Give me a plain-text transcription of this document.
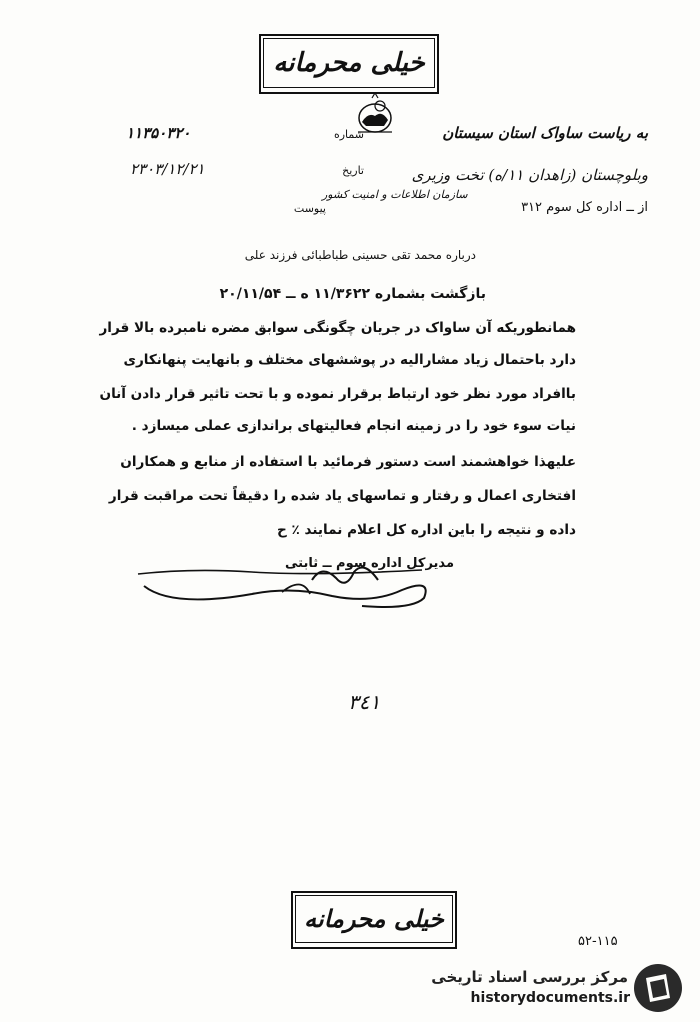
خیلی محرمانه
به ریاست ساواک استان سیستان
وبلوچستان (زاهدان ۱۱/ه) تخت وزیری
از ــ اداره کل سوم ۳۱۲
سازمان اطلاعات و امنیت کشور
شماره
۱۱۳۵۰۳۲۰
تاریخ
۲۳۰۳/۱۲/۲۱
پیوست
درباره محمد تقی حسینی طباطبائی فرزند علی
بازگشت بشماره ۱۱/۳۶۲۲ ه ــ ۲۰/۱۱/۵۴
همانطوریکه آن ساواک در جریان چگونگی سوابق مضره نامبرده بالا قرار
دارد باحتمال زیاد مشارالیه در پوششهای مختلف و بانهایت پنهانکاری
باافراد مورد نظر خود ارتباط برقرار نموده و با تحت تاثیر قرار دادن آنان
نیات سوء خود را در زمینه انجام فعالیتهای براندازی عملی میسازد .
علیهذا خواهشمند است دستور فرمائید با استفاده از منابع و همکاران
افتخاری اعمال و رفتار و تماسهای یاد شده را دقیقاً تحت مراقبت قرار
داده و نتیجه را باین اداره کل اعلام نمایند ٪ ح
مدیرکل اداره سوم ــ ثابتی
٣٤١
خیلی محرمانه
۵۲-۱۱۵
مرکز بررسی اسناد تاریخی
historydocuments.ir
